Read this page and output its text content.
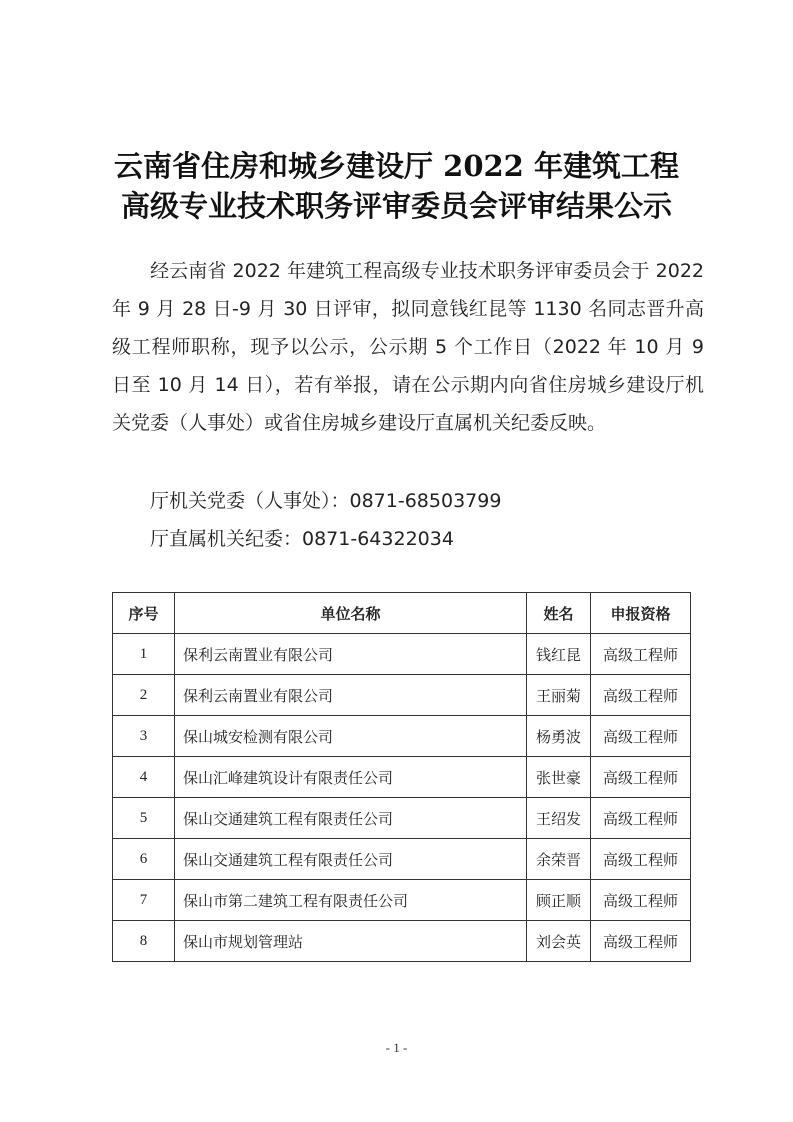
云南省住房和城乡建设厅 2022 年建筑工程
高级专业技术职务评审委员会评审结果公示
经云南省 2022 年建筑工程高级专业技术职务评审委员会于 2022 年 9 月 28 日-9 月 30 日评审，拟同意钱红昆等 1130 名同志晋升高级工程师职称，现予以公示，公示期 5 个工作日（2022 年 10 月 9 日至 10 月 14 日），若有举报，请在公示期内向省住房城乡建设厅机关党委（人事处）或省住房城乡建设厅直属机关纪委反映。
厅机关党委（人事处）：0871-68503799
厅直属机关纪委：0871-64322034
序号	单位名称	姓名	申报资格
1	保利云南置业有限公司	钱红昆	高级工程师
2	保利云南置业有限公司	王丽菊	高级工程师
3	保山城安检测有限公司	杨勇波	高级工程师
4	保山汇峰建筑设计有限责任公司	张世豪	高级工程师
5	保山交通建筑工程有限责任公司	王绍发	高级工程师
6	保山交通建筑工程有限责任公司	余荣晋	高级工程师
7	保山市第二建筑工程有限责任公司	顾正顺	高级工程师
8	保山市规划管理站	刘会英	高级工程师
- 1 -
